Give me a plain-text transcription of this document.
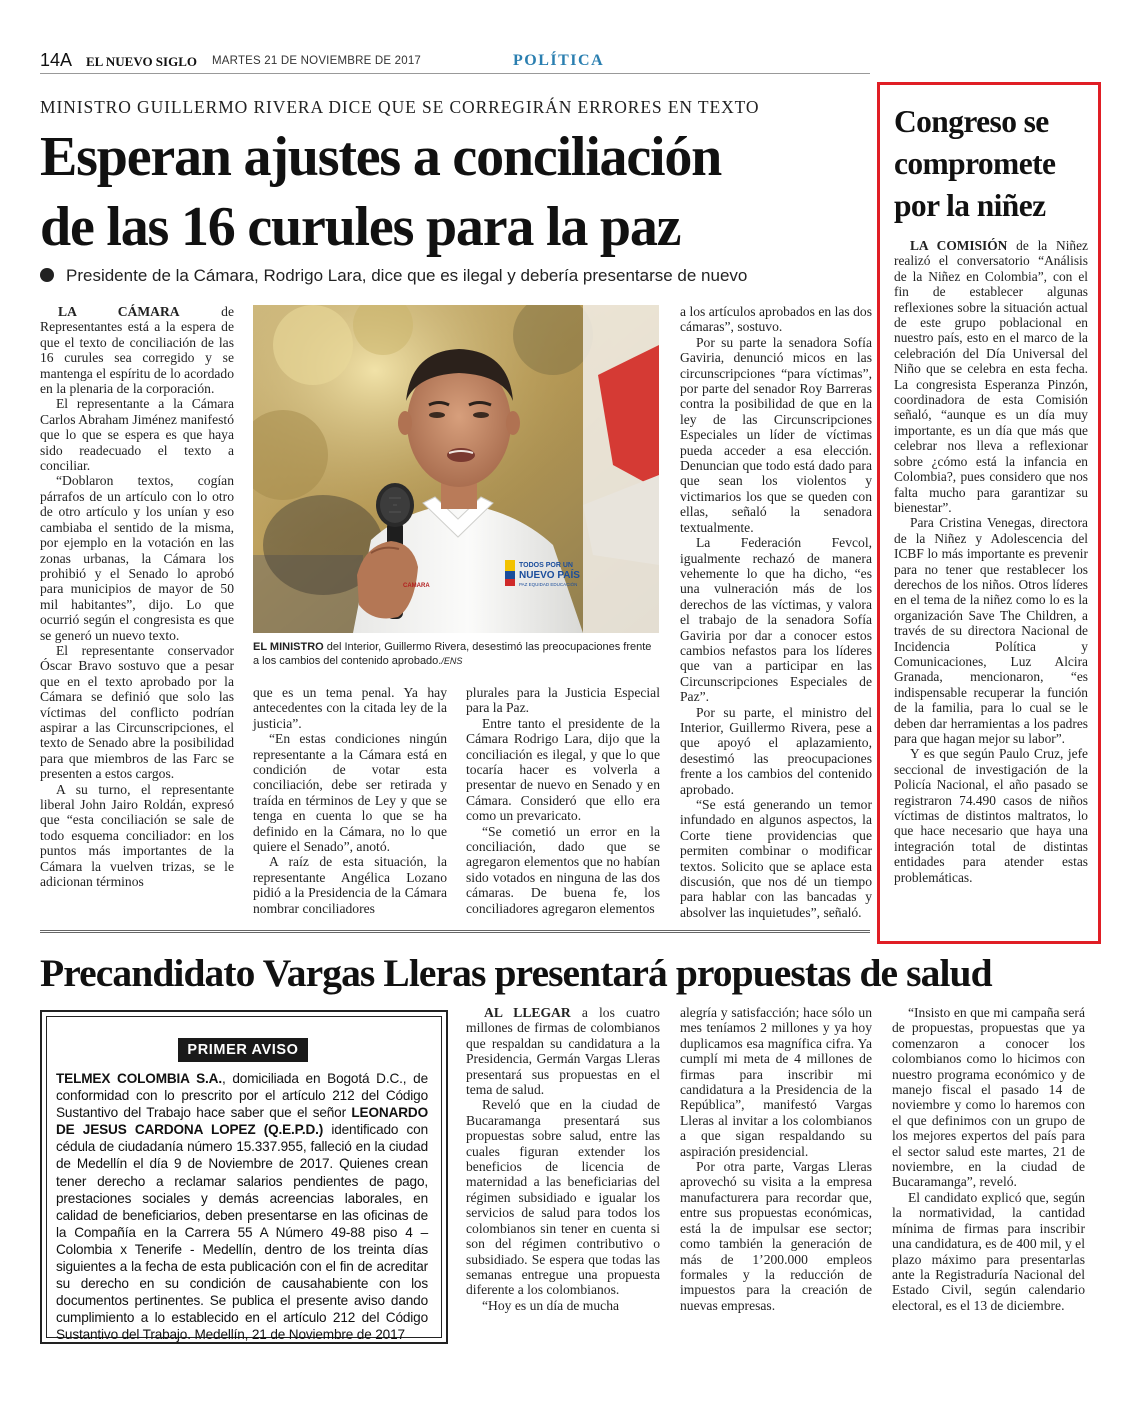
14A EL NUEVO SIGLO MARTES 21 DE NOVIEMBRE DE 2017	POLÍTICA
MINISTRO GUILLERMO RIVERA DICE QUE SE CORREGIRÁN ERRORES EN TEXTO
Esperan ajustes a conciliación
de las 16 curules para la paz
Presidente de la Cámara, Rodrigo Lara, dice que es ilegal y debería presentarse de nuevo

LA CÁMARA de Representantes está a la espera de que el texto de conciliación de las 16 curules sea corregido y se mantenga el espíritu de lo acordado en la plenaria de la corporación.

El representante a la Cámara Carlos Abraham Jiménez manifestó que lo que se espera es que haya sido readecuado el texto a conciliar.

“Doblaron textos, cogían párrafos de un artículo con lo otro de otro artículo y los unían y eso cambiaba el sentido de la misma, por ejemplo en la votación en las zonas urbanas, la Cámara los prohibió y el Senado lo aprobó para municipios de mayor de 50 mil habitantes”, dijo. Lo que ocurrió según el congresista es que se generó un nuevo texto.

El representante conservador Óscar Bravo sostuvo que a pesar que en el texto aprobado por la Cámara se definió que solo las víctimas del conflicto podrían aspirar a las Circunscripciones, el texto de Senado abre la posibilidad para que miembros de las Farc se presenten a estos cargos.

A su turno, el representante liberal John Jairo Roldán, expresó que “esta conciliación se sale de todo esquema conciliador: en los puntos más importantes de la Cámara la vuelven trizas, se le adicionan términos

TODOS POR UN
NUEVO PAÍS
PAZ EQUIDAD EDUCACIÓN
CAMARA
EL MINISTRO del Interior, Guillermo Rivera, desestimó las preocupaciones frente a los cambios del contenido aprobado./ENS

que es un tema penal. Ya hay antecedentes con la citada ley de la justicia”.

“En estas condiciones ningún representante a la Cámara está en condición de votar esta conciliación, debe ser retirada y traída en términos de Ley y que se tenga en cuenta lo que se ha definido en la Cámara, no lo que quiere el Senado”, anotó.

A raíz de esta situación, la representante Angélica Lozano pidió a la Presidencia de la Cámara nombrar conciliadores

plurales para la Justicia Especial para la Paz.

Entre tanto el presidente de la Cámara Rodrigo Lara, dijo que la conciliación es ilegal, y que lo que tocaría hacer es volverla a presentar de nuevo en Senado y en Cámara. Consideró que ello era como un prevaricato.

“Se cometió un error en la conciliación, dado que se agregaron elementos que no habían sido votados en ninguna de las dos cámaras. De buena fe, los conciliadores agregaron elementos

a los artículos aprobados en las dos cámaras”, sostuvo.

Por su parte la senadora Sofía Gaviria, denunció micos en las circunscripciones “para víctimas”, por parte del senador Roy Barreras contra la posibilidad de que en la ley de las Circunscripciones Especiales un líder de víctimas pueda acceder a esa elección. Denuncian que todo está dado para que sean los violentos y victimarios los que se queden con ellas, señaló la senadora textualmente.

La Federación Fevcol, igualmente rechazó de manera vehemente lo que ha dicho, “es una vulneración más de los derechos de las víctimas, y valora el trabajo de la senadora Sofía Gaviria por dar a conocer estos cambios nefastos para los líderes que van a participar en las Circunscripciones Especiales de Paz”.

Por su parte, el ministro del Interior, Guillermo Rivera, pese a que apoyó el aplazamiento, desestimó las preocupaciones frente a los cambios del contenido aprobado.

“Se está generando un temor infundado en algunos aspectos, la Corte tiene providencias que permiten combinar o modificar textos. Solicito que se aplace esta discusión, que nos dé un tiempo para hablar con las bancadas y absolver las inquietudes”, señaló.

Congreso se
compromete
por la niñez

LA COMISIÓN de la Niñez realizó el conversatorio “Análisis de la Niñez en Colombia”, con el fin de establecer algunas reflexiones sobre la situación actual de este grupo poblacional en nuestro país, esto en el marco de la celebración del Día Universal del Niño que se celebra en esta fecha. La congresista Esperanza Pinzón, coordinadora de esta Comisión señaló, “aunque es un día muy importante, es un día que más que celebrar nos lleva a reflexionar sobre ¿cómo está la infancia en Colombia?, pues considero que nos falta mucho para garantizar su bienestar”.

Para Cristina Venegas, directora de la Niñez y Adolescencia del ICBF lo más importante es prevenir para no tener que restablecer los derechos de los niños. Otros líderes en el tema de la niñez como lo es la organización Save The Children, a través de su directora Nacional de Incidencia Política y Comunicaciones, Luz Alcira Granada, mencionaron, “es indispensable recuperar la función de la familia, para lo cual se le deben dar herramientas a los padres para que hagan mejor su labor”.

Y es que según Paulo Cruz, jefe seccional de investigación de la Policía Nacional, el año pasado se registraron 74.490 casos de niños víctimas de distintos maltratos, lo que hace necesario que haya una integración total de distintas entidades para atender estas problemáticas.

Precandidato Vargas Lleras presentará propuestas de salud
PRIMER AVISO
TELMEX COLOMBIA S.A., domiciliada en Bogotá D.C., de conformidad con lo prescrito por el artículo 212 del Código Sustantivo del Trabajo hace saber que el señor LEONARDO DE JESUS CARDONA LOPEZ (Q.E.P.D.) identificado con cédula de ciudadanía número 15.337.955, falleció en la ciudad de Medellín el día 9 de Noviembre de 2017. Quienes crean tener derecho a reclamar salarios pendientes de pago, prestaciones sociales y demás acreencias laborales, en calidad de beneficiarios, deben presentarse en las oficinas de la Compañía en la Carrera 55 A Número 49-88 piso 4 – Colombia x Tenerife - Medellín, dentro de los treinta días siguientes a la fecha de esta publicación con el fin de acreditar su derecho en su condición de causahabiente con los documentos pertinentes. Se publica el presente aviso dando cumplimiento a lo establecido en el artículo 212 del Código Sustantivo del Trabajo. Medellín, 21 de Noviembre de 2017

AL LLEGAR a los cuatro millones de firmas de colombianos que respaldan su candidatura a la Presidencia, Germán Vargas Lleras presentará sus propuestas en el tema de salud.

Reveló que en la ciudad de Bucaramanga presentará sus propuestas sobre salud, entre las cuales figuran extender los beneficios de licencia de maternidad a las beneficiarias del régimen subsidiado e igualar los servicios de salud para todos los colombianos sin tener en cuenta si son del régimen contributivo o subsidiado. Se espera que todas las semanas entregue una propuesta diferente a los colombianos.

“Hoy es un día de mucha

alegría y satisfacción; hace sólo un mes teníamos 2 millones y ya hoy duplicamos esa magnífica cifra. Ya cumplí mi meta de 4 millones de firmas para inscribir mi candidatura a la Presidencia de la República”, manifestó Vargas Lleras al invitar a los colombianos a que sigan respaldando su aspiración presidencial.

Por otra parte, Vargas Lleras aprovechó su visita a la empresa manufacturera para recordar que, entre sus propuestas económicas, está la de impulsar ese sector; como también la generación de más de 1’200.000 empleos formales y la reducción de impuestos para la creación de nuevas empresas.

“Insisto en que mi campaña será de propuestas, propuestas que ya comenzaron a conocer los colombianos como lo hicimos con nuestro programa económico y de manejo fiscal el pasado 14 de noviembre y como lo haremos con el que definimos con un grupo de los mejores expertos del país para el sector salud este martes, 21 de noviembre, en la ciudad de Bucaramanga”, reveló.

El candidato explicó que, según la normatividad, la cantidad mínima de firmas para inscribir una candidatura, es de 400 mil, y el plazo máximo para presentarlas ante la Registraduría Nacional del Estado Civil, según calendario electoral, es el 13 de diciembre.
